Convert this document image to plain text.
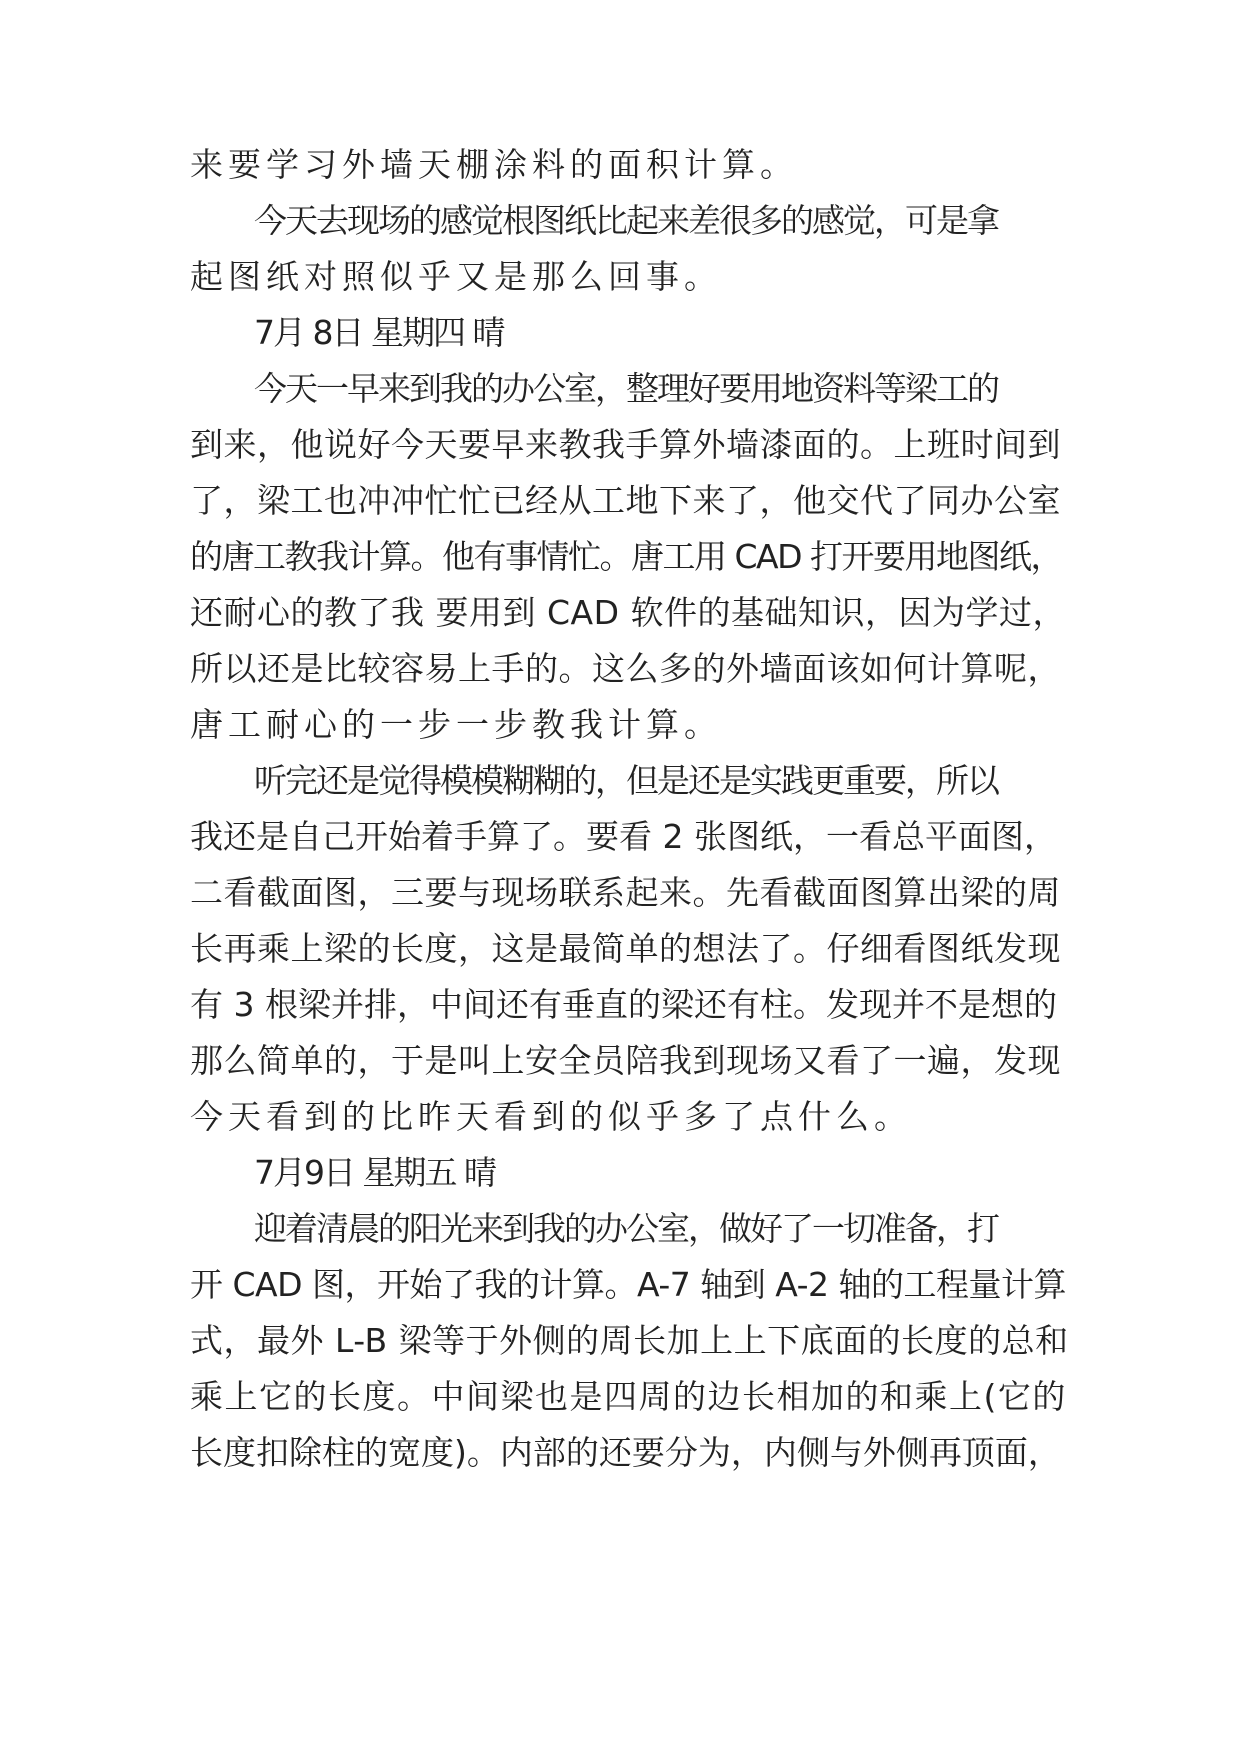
来要学习外墙天棚涂料的面积计算。
今天去现场的感觉根图纸比起来差很多的感觉，可是拿
起图纸对照似乎又是那么回事。
7月 8日 星期四 晴
今天一早来到我的办公室，整理好要用地资料等梁工的
到来，他说好今天要早来教我手算外墙漆面的。上班时间到
了，梁工也冲冲忙忙已经从工地下来了，他交代了同办公室
的唐工教我计算。他有事情忙。唐工用 CAD 打开要用地图纸，
还耐心的教了我 要用到 CAD 软件的基础知识，因为学过，
所以还是比较容易上手的。这么多的外墙面该如何计算呢，
唐工耐心的一步一步教我计算。
听完还是觉得模模糊糊的，但是还是实践更重要，所以
我还是自己开始着手算了。要看 2 张图纸，一看总平面图，
二看截面图，三要与现场联系起来。先看截面图算出梁的周
长再乘上梁的长度，这是最简单的想法了。仔细看图纸发现
有 3 根梁并排，中间还有垂直的梁还有柱。发现并不是想的
那么简单的，于是叫上安全员陪我到现场又看了一遍，发现
今天看到的比昨天看到的似乎多了点什么。
7月9日 星期五 晴
迎着清晨的阳光来到我的办公室，做好了一切准备，打
开 CAD 图，开始了我的计算。A-7 轴到 A-2 轴的工程量计算
式，最外 L-B 梁等于外侧的周长加上上下底面的长度的总和
乘上它的长度。中间梁也是四周的边长相加的和乘上(它的
长度扣除柱的宽度)。内部的还要分为，内侧与外侧再顶面，
